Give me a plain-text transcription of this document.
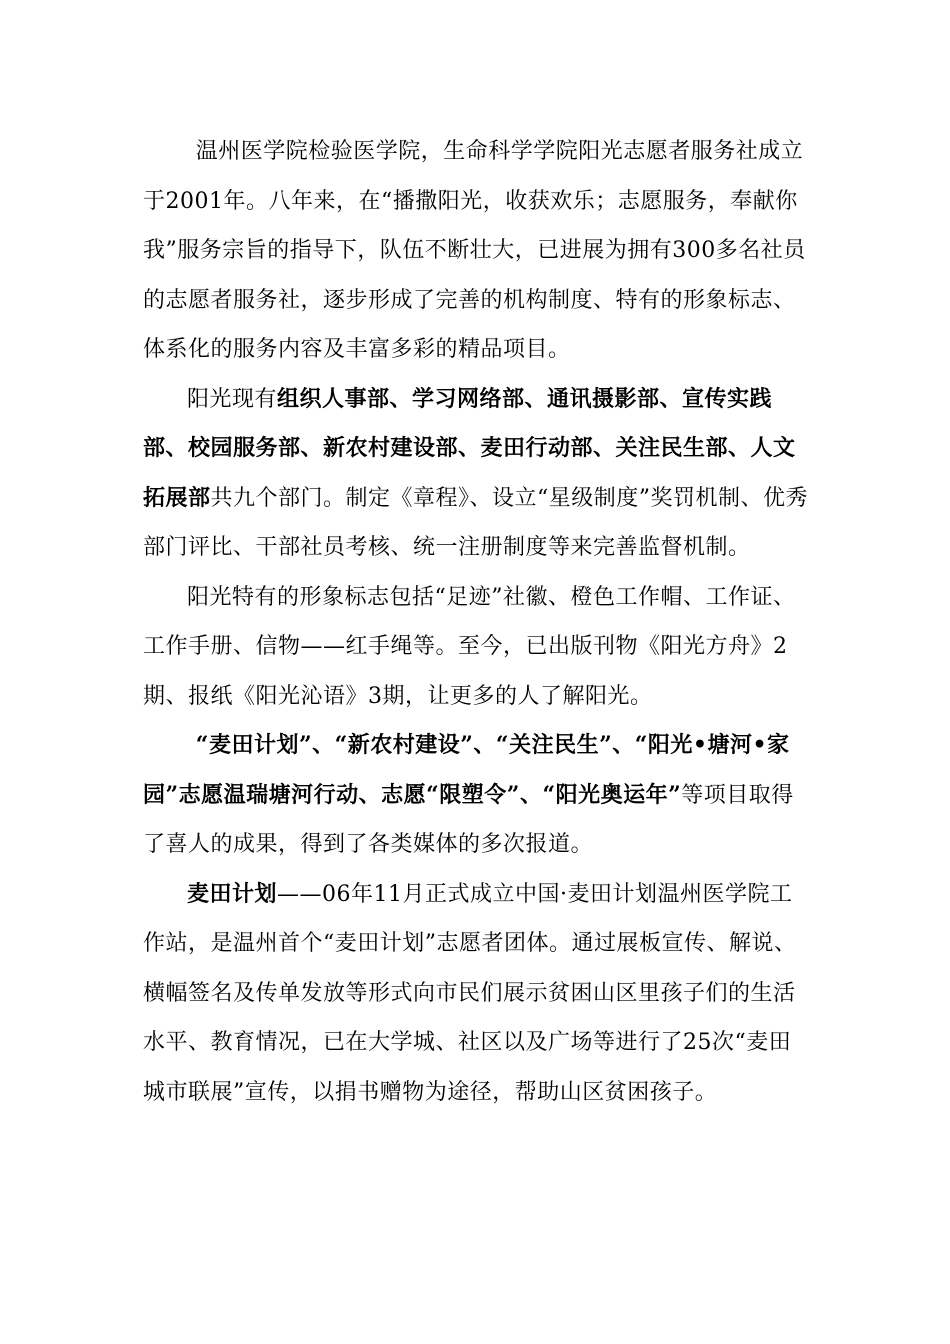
温州医学院检验医学院，生命科学学院阳光志愿者服务社成立于2001年。八年来，在“播撒阳光，收获欢乐；志愿服务，奉献你我”服务宗旨的指导下，队伍不断壮大，已进展为拥有300多名社员的志愿者服务社，逐步形成了完善的机构制度、特有的形象标志、体系化的服务内容及丰富多彩的精品项目。

阳光现有组织人事部、学习网络部、通讯摄影部、宣传实践部、校园服务部、新农村建设部、麦田行动部、关注民生部、人文拓展部共九个部门。制定《章程》、设立“星级制度”奖罚机制、优秀部门评比、干部社员考核、统一注册制度等来完善监督机制。

阳光特有的形象标志包括“足迹”社徽、橙色工作帽、工作证、工作手册、信物——红手绳等。至今，已出版刊物《阳光方舟》2期、报纸《阳光沁语》3期，让更多的人了解阳光。

“麦田计划”、“新农村建设”、“关注民生”、“阳光•塘河•家园”志愿温瑞塘河行动、志愿“限塑令”、“阳光奥运年”等项目取得了喜人的成果，得到了各类媒体的多次报道。

麦田计划——06年11月正式成立中国·麦田计划温州医学院工作站，是温州首个“麦田计划”志愿者团体。通过展板宣传、解说、横幅签名及传单发放等形式向市民们展示贫困山区里孩子们的生活水平、教育情况，已在大学城、社区以及广场等进行了25次“麦田城市联展”宣传，以捐书赠物为途径，帮助山区贫困孩子。
